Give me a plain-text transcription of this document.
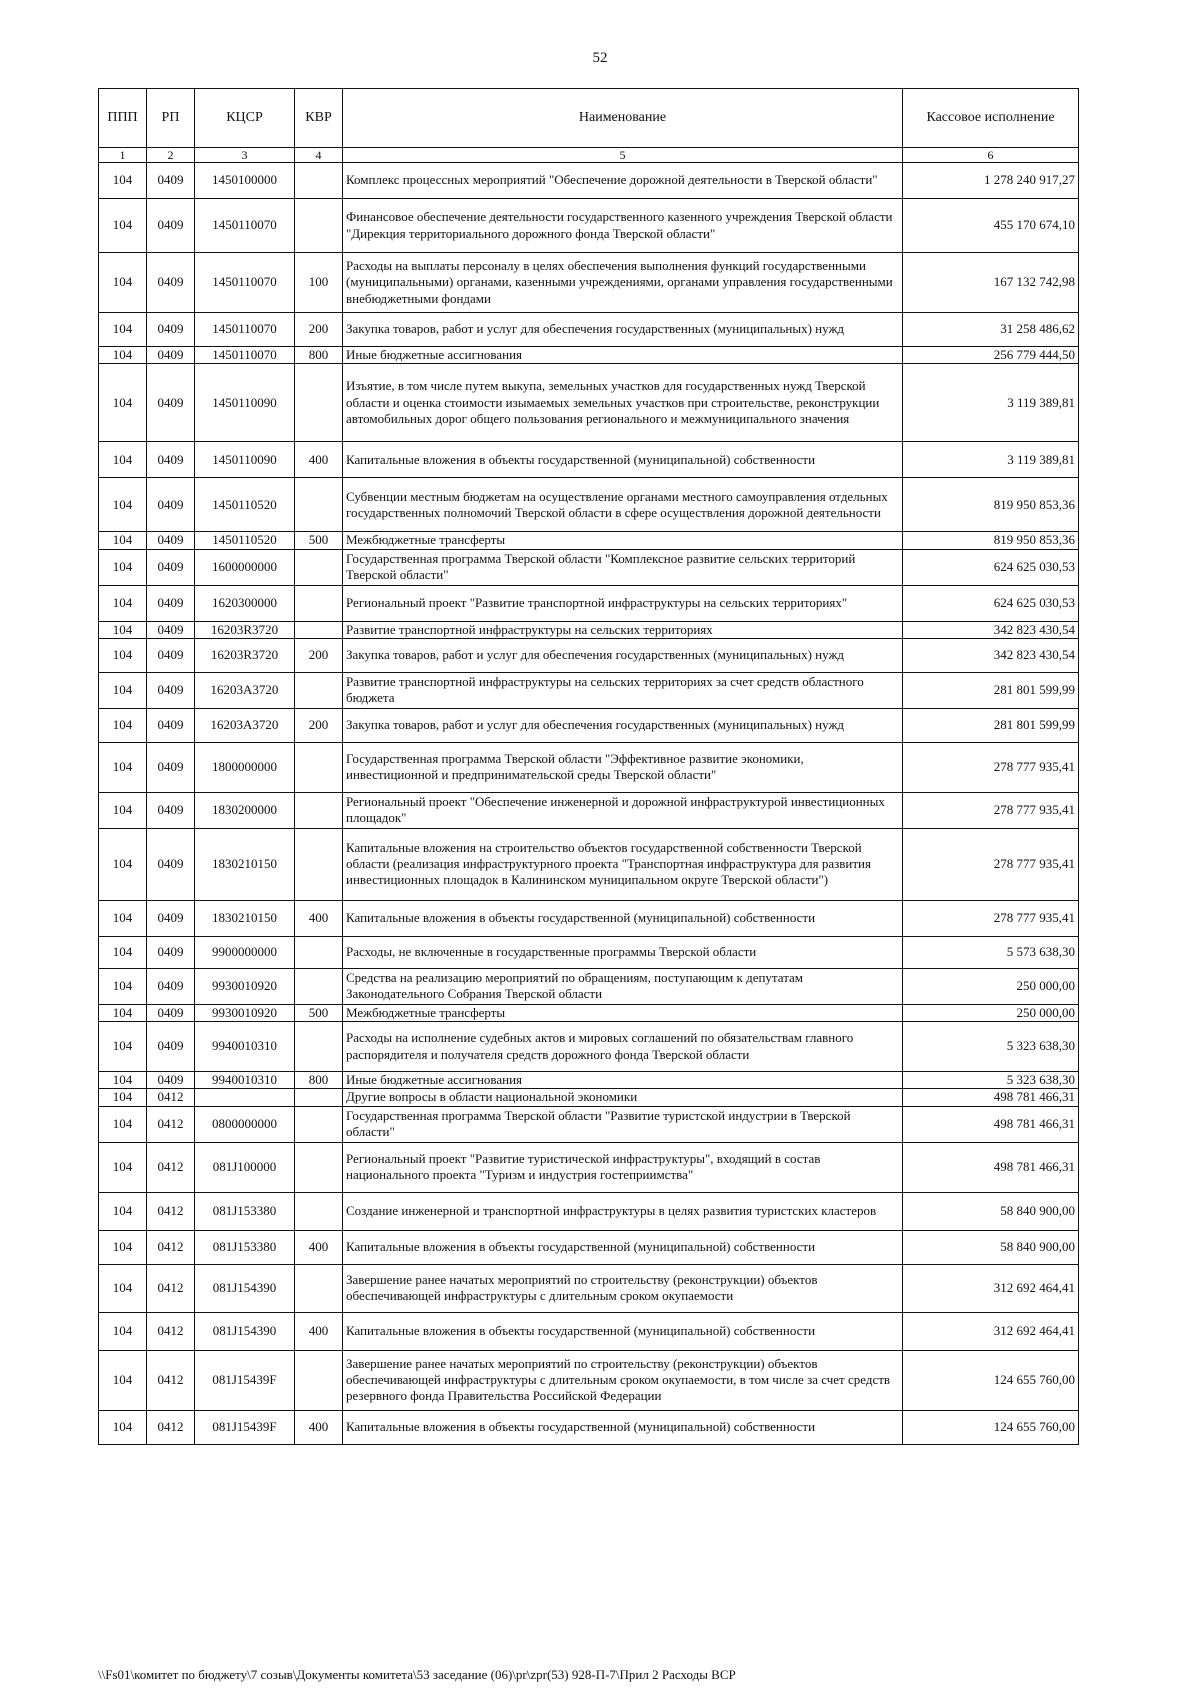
52
ППП	РП	КЦСР	КВР	Наименование	Кассовое исполнение
1	2	3	4	5	6
104	0409	1450100000		Комплекс процессных мероприятий "Обеспечение дорожной деятельности в Тверской области"	1 278 240 917,27
104	0409	1450110070		Финансовое обеспечение деятельности государственного казенного учреждения Тверской области "Дирекция территориального дорожного фонда Тверской области"	455 170 674,10
104	0409	1450110070	100	Расходы на выплаты персоналу в целях обеспечения выполнения функций государственными (муниципальными) органами, казенными учреждениями, органами управления государственными внебюджетными фондами	167 132 742,98
104	0409	1450110070	200	Закупка товаров, работ и услуг для обеспечения государственных (муниципальных) нужд	31 258 486,62
104	0409	1450110070	800	Иные бюджетные ассигнования	256 779 444,50
104	0409	1450110090		Изъятие, в том числе путем выкупа, земельных участков для государственных нужд Тверской области и оценка стоимости изымаемых земельных участков при строительстве, реконструкции автомобильных дорог общего пользования регионального и межмуниципального значения	3 119 389,81
104	0409	1450110090	400	Капитальные вложения в объекты государственной (муниципальной) собственности	3 119 389,81
104	0409	1450110520		Субвенции местным бюджетам на осуществление органами местного самоуправления отдельных государственных полномочий Тверской области в сфере осуществления дорожной деятельности	819 950 853,36
104	0409	1450110520	500	Межбюджетные трансферты	819 950 853,36
104	0409	1600000000		Государственная программа Тверской области "Комплексное развитие сельских территорий Тверской области"	624 625 030,53
104	0409	1620300000		Региональный проект "Развитие транспортной инфраструктуры на сельских территориях"	624 625 030,53
104	0409	16203R3720		Развитие транспортной инфраструктуры на сельских территориях	342 823 430,54
104	0409	16203R3720	200	Закупка товаров, работ и услуг для обеспечения государственных (муниципальных) нужд	342 823 430,54
104	0409	16203A3720		Развитие транспортной инфраструктуры на сельских территориях за счет средств областного бюджета	281 801 599,99
104	0409	16203A3720	200	Закупка товаров, работ и услуг для обеспечения государственных (муниципальных) нужд	281 801 599,99
104	0409	1800000000		Государственная программа Тверской области "Эффективное развитие экономики, инвестиционной и предпринимательской среды Тверской области"	278 777 935,41
104	0409	1830200000		Региональный проект "Обеспечение инженерной и дорожной инфраструктурой инвестиционных площадок"	278 777 935,41
104	0409	1830210150		Капитальные вложения на строительство объектов государственной собственности Тверской области (реализация инфраструктурного проекта "Транспортная инфраструктура для развития инвестиционных площадок в Калининском муниципальном округе Тверской области")	278 777 935,41
104	0409	1830210150	400	Капитальные вложения в объекты государственной (муниципальной) собственности	278 777 935,41
104	0409	9900000000		Расходы, не включенные в государственные программы Тверской области	5 573 638,30
104	0409	9930010920		Средства на реализацию мероприятий по обращениям, поступающим к депутатам Законодательного Собрания Тверской области	250 000,00
104	0409	9930010920	500	Межбюджетные трансферты	250 000,00
104	0409	9940010310		Расходы на исполнение судебных актов и мировых соглашений по обязательствам главного распорядителя и получателя средств дорожного фонда Тверской области	5 323 638,30
104	0409	9940010310	800	Иные бюджетные ассигнования	5 323 638,30
104	0412			Другие вопросы в области национальной экономики	498 781 466,31
104	0412	0800000000		Государственная программа Тверской области "Развитие туристской индустрии в Тверской области"	498 781 466,31
104	0412	081J100000		Региональный проект "Развитие туристической инфраструктуры", входящий в состав национального проекта "Туризм и индустрия гостеприимства"	498 781 466,31
104	0412	081J153380		Создание инженерной и транспортной инфраструктуры в целях развития туристских кластеров	58 840 900,00
104	0412	081J153380	400	Капитальные вложения в объекты государственной (муниципальной) собственности	58 840 900,00
104	0412	081J154390		Завершение ранее начатых мероприятий по строительству (реконструкции) объектов обеспечивающей инфраструктуры с длительным сроком окупаемости	312 692 464,41
104	0412	081J154390	400	Капитальные вложения в объекты государственной (муниципальной) собственности	312 692 464,41
104	0412	081J15439F		Завершение ранее начатых мероприятий по строительству (реконструкции) объектов обеспечивающей инфраструктуры с длительным сроком окупаемости, в том числе за счет средств резервного фонда Правительства Российской Федерации	124 655 760,00
104	0412	081J15439F	400	Капитальные вложения в объекты государственной (муниципальной) собственности	124 655 760,00
\\Fs01\комитет по бюджету\7 созыв\Документы комитета\53 заседание (06)\pr\zpr(53) 928-П-7\Прил 2 Расходы ВСР
